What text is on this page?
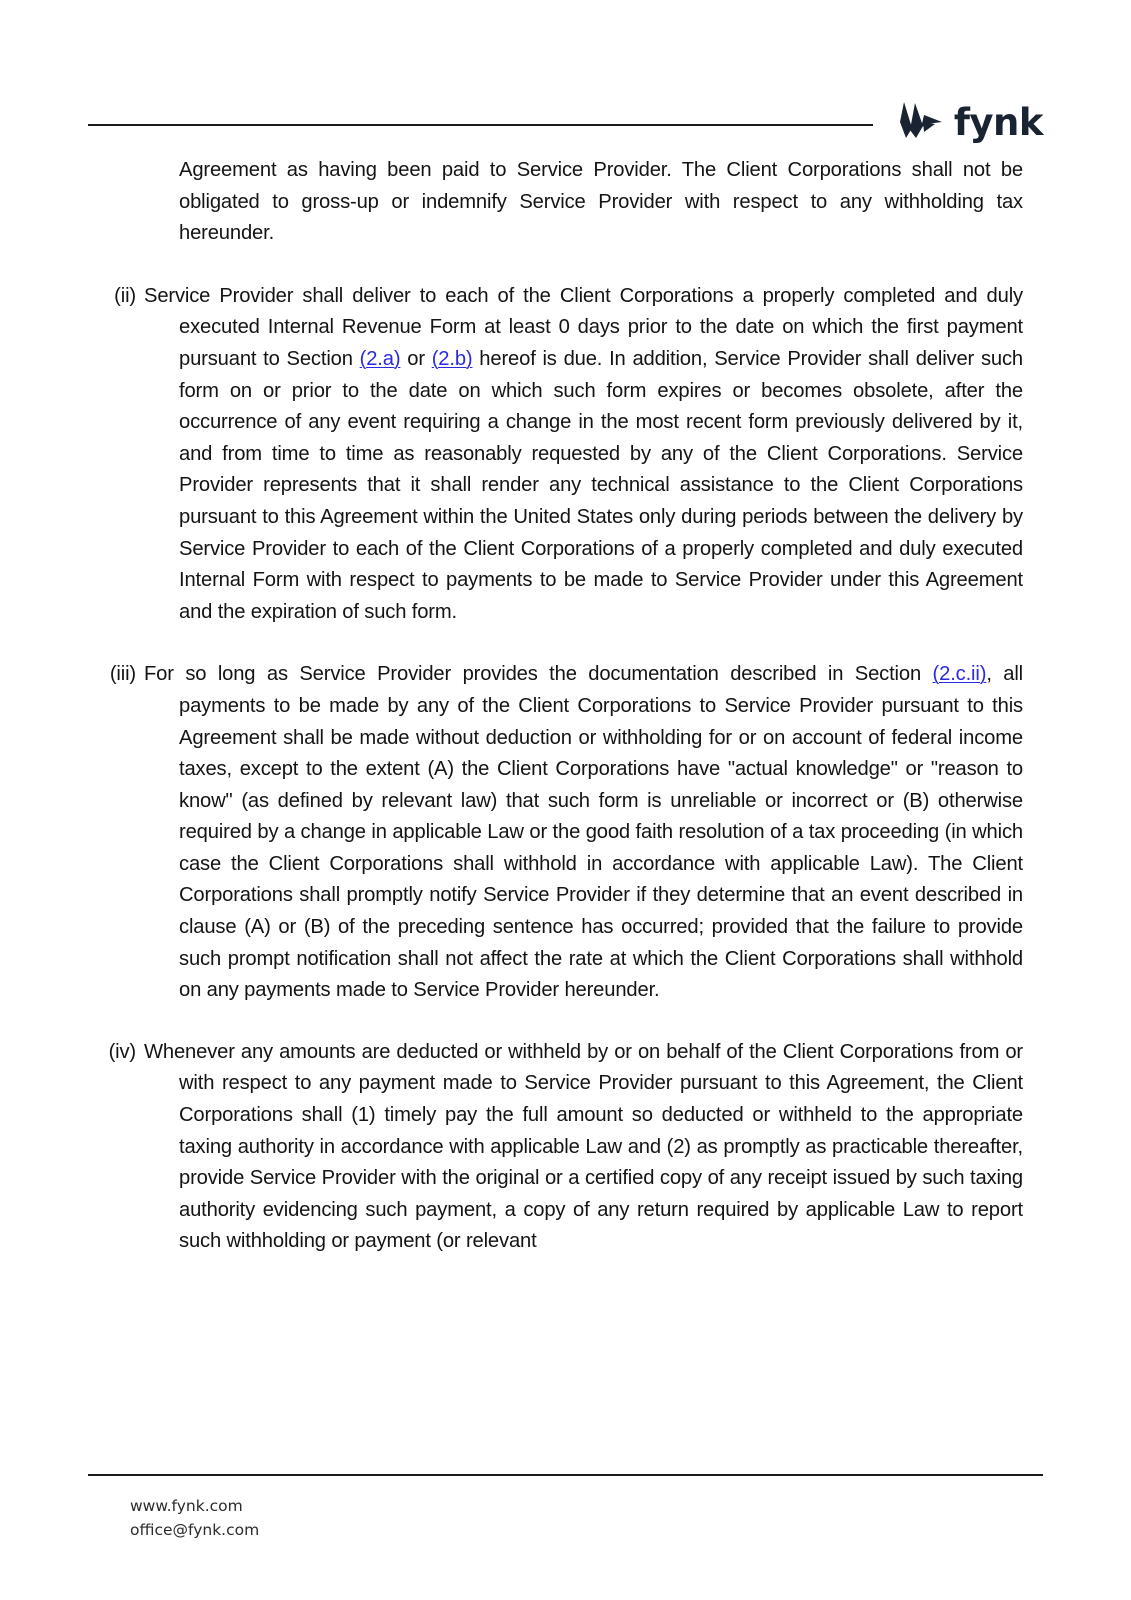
fynk

Agreement as having been paid to Service Provider. The Client Corporations shall not be obligated to gross-up or indemnify Service Provider with respect to any withholding tax hereunder.

(ii) Service Provider shall deliver to each of the Client Corporations a properly completed and duly executed Internal Revenue Form at least 0 days prior to the date on which the first payment pursuant to Section (2.a) or (2.b) hereof is due. In addition, Service Provider shall deliver such form on or prior to the date on which such form expires or becomes obsolete, after the occurrence of any event requiring a change in the most recent form previously delivered by it, and from time to time as reasonably requested by any of the Client Corporations. Service Provider represents that it shall render any technical assistance to the Client Corporations pursuant to this Agreement within the United States only during periods between the delivery by Service Provider to each of the Client Corporations of a properly completed and duly executed Internal Form with respect to payments to be made to Service Provider under this Agreement and the expiration of such form.

(iii) For so long as Service Provider provides the documentation described in Section (2.c.ii), all payments to be made by any of the Client Corporations to Service Provider pursuant to this Agreement shall be made without deduction or withholding for or on account of federal income taxes, except to the extent (A) the Client Corporations have "actual knowledge" or "reason to know" (as defined by relevant law) that such form is unreliable or incorrect or (B) otherwise required by a change in applicable Law or the good faith resolution of a tax proceeding (in which case the Client Corporations shall withhold in accordance with applicable Law). The Client Corporations shall promptly notify Service Provider if they determine that an event described in clause (A) or (B) of the preceding sentence has occurred; provided that the failure to provide such prompt notification shall not affect the rate at which the Client Corporations shall withhold on any payments made to Service Provider hereunder.

(iv) Whenever any amounts are deducted or withheld by or on behalf of the Client Corporations from or with respect to any payment made to Service Provider pursuant to this Agreement, the Client Corporations shall (1) timely pay the full amount so deducted or withheld to the appropriate taxing authority in accordance with applicable Law and (2) as promptly as practicable thereafter, provide Service Provider with the original or a certified copy of any receipt issued by such taxing authority evidencing such payment, a copy of any return required by applicable Law to report such withholding or payment (or relevant

www.fynk.com
office@fynk.com
